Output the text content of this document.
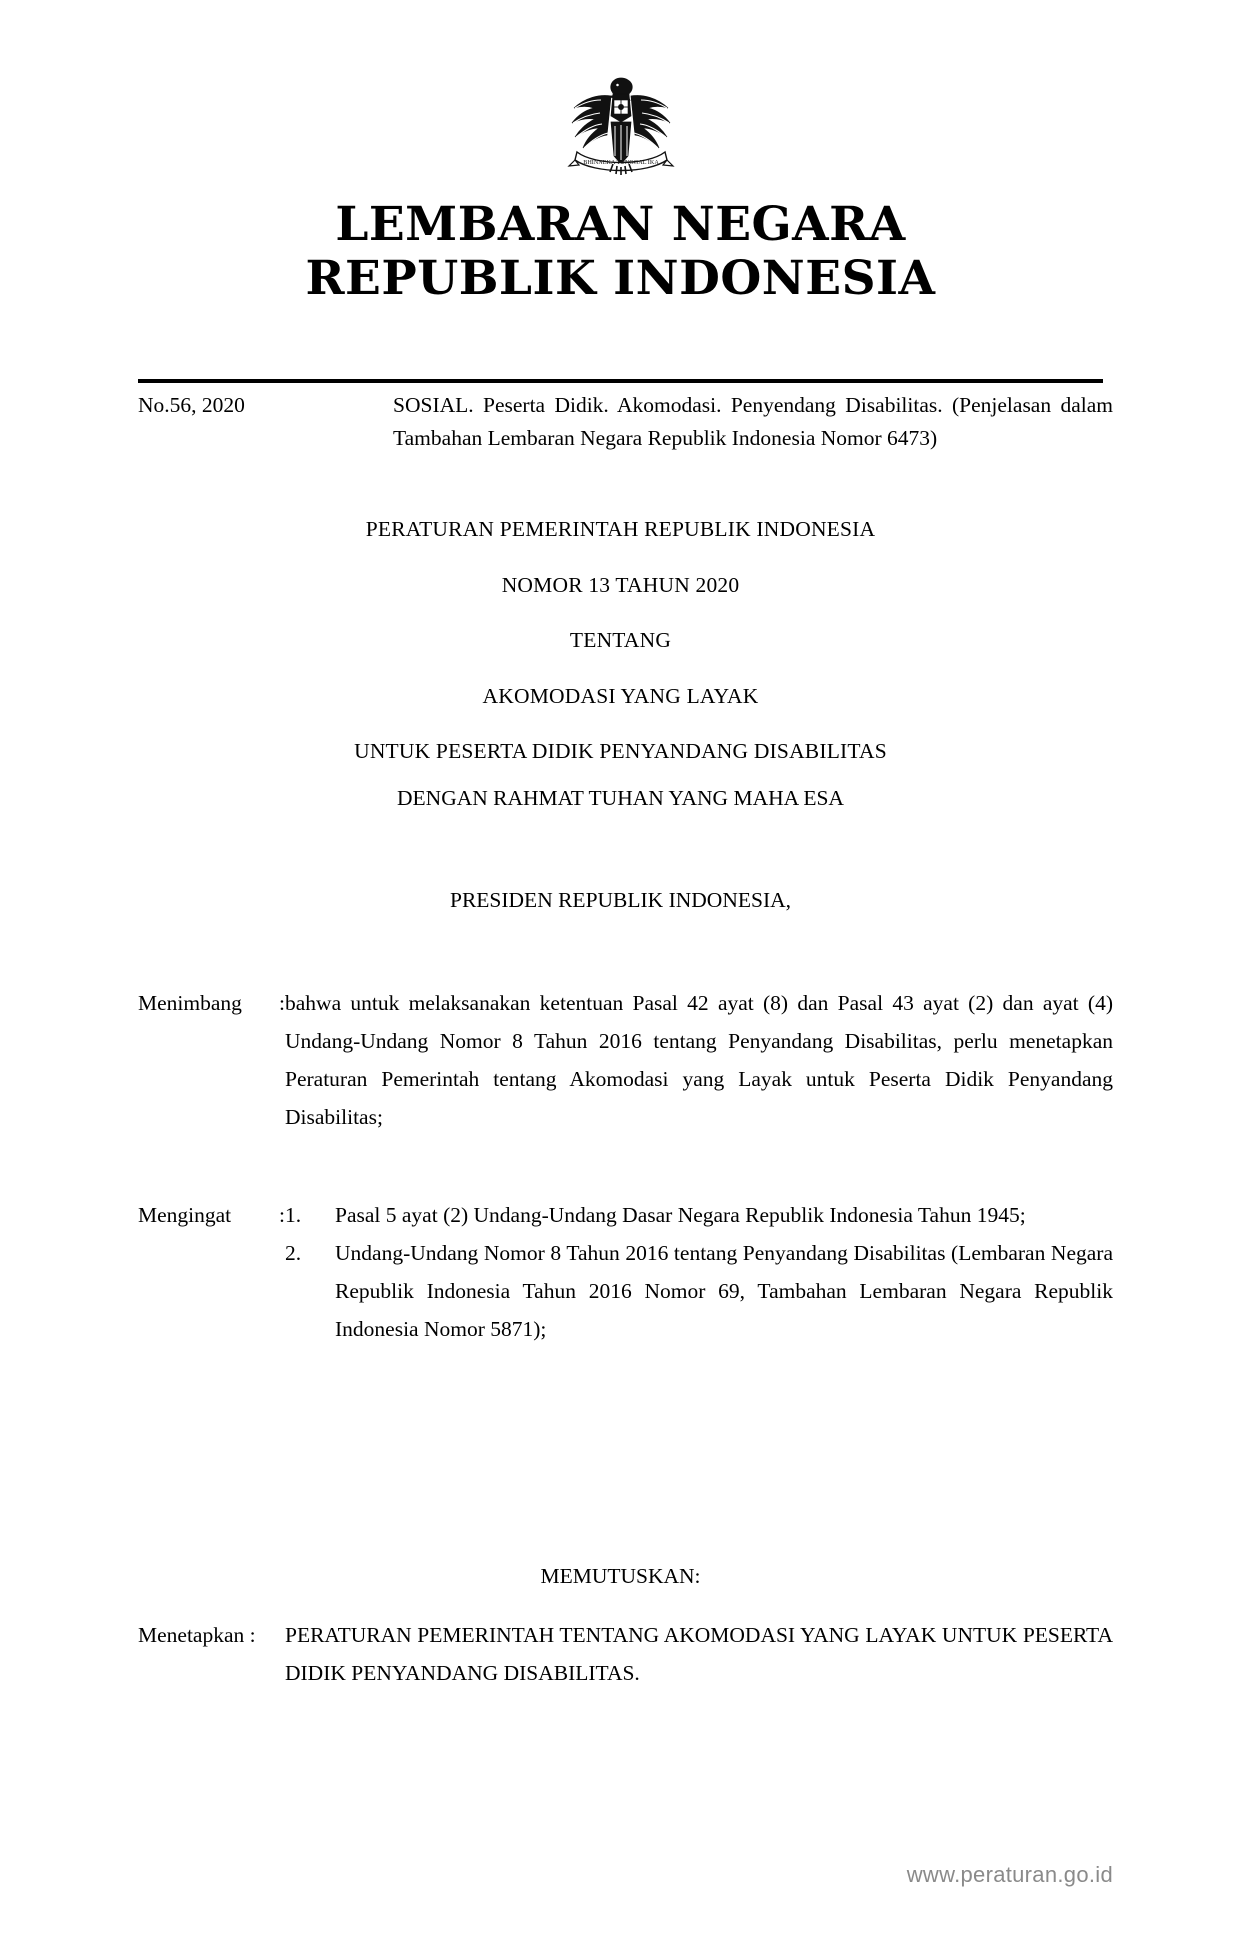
BHINNEKA TUNGGAL IKA
LEMBARAN NEGARA
REPUBLIK INDONESIA
No.56, 2020	SOSIAL. Peserta Didik. Akomodasi. Penyendang Disabilitas. (Penjelasan dalam Tambahan Lembaran Negara Republik Indonesia Nomor 6473)
PERATURAN PEMERINTAH REPUBLIK INDONESIA
NOMOR 13 TAHUN 2020
TENTANG
AKOMODASI YANG LAYAK
UNTUK PESERTA DIDIK PENYANDANG DISABILITAS
DENGAN RAHMAT TUHAN YANG MAHA ESA
PRESIDEN REPUBLIK INDONESIA,
Menimbang : bahwa untuk melaksanakan ketentuan Pasal 42 ayat (8) dan Pasal 43 ayat (2) dan ayat (4) Undang-Undang Nomor 8 Tahun 2016 tentang Penyandang Disabilitas, perlu menetapkan Peraturan Pemerintah tentang Akomodasi yang Layak untuk Peserta Didik Penyandang Disabilitas;

Mengingat : 1.	Pasal 5 ayat (2) Undang-Undang Dasar Negara Republik Indonesia Tahun 1945;
2.	Undang-Undang Nomor 8 Tahun 2016 tentang Penyandang Disabilitas (Lembaran Negara Republik Indonesia Tahun 2016 Nomor 69, Tambahan Lembaran Negara Republik Indonesia Nomor 5871);
MEMUTUSKAN:
Menetapkan :	PERATURAN PEMERINTAH TENTANG AKOMODASI YANG LAYAK UNTUK PESERTA DIDIK PENYANDANG DISABILITAS.

www.peraturan.go.id
